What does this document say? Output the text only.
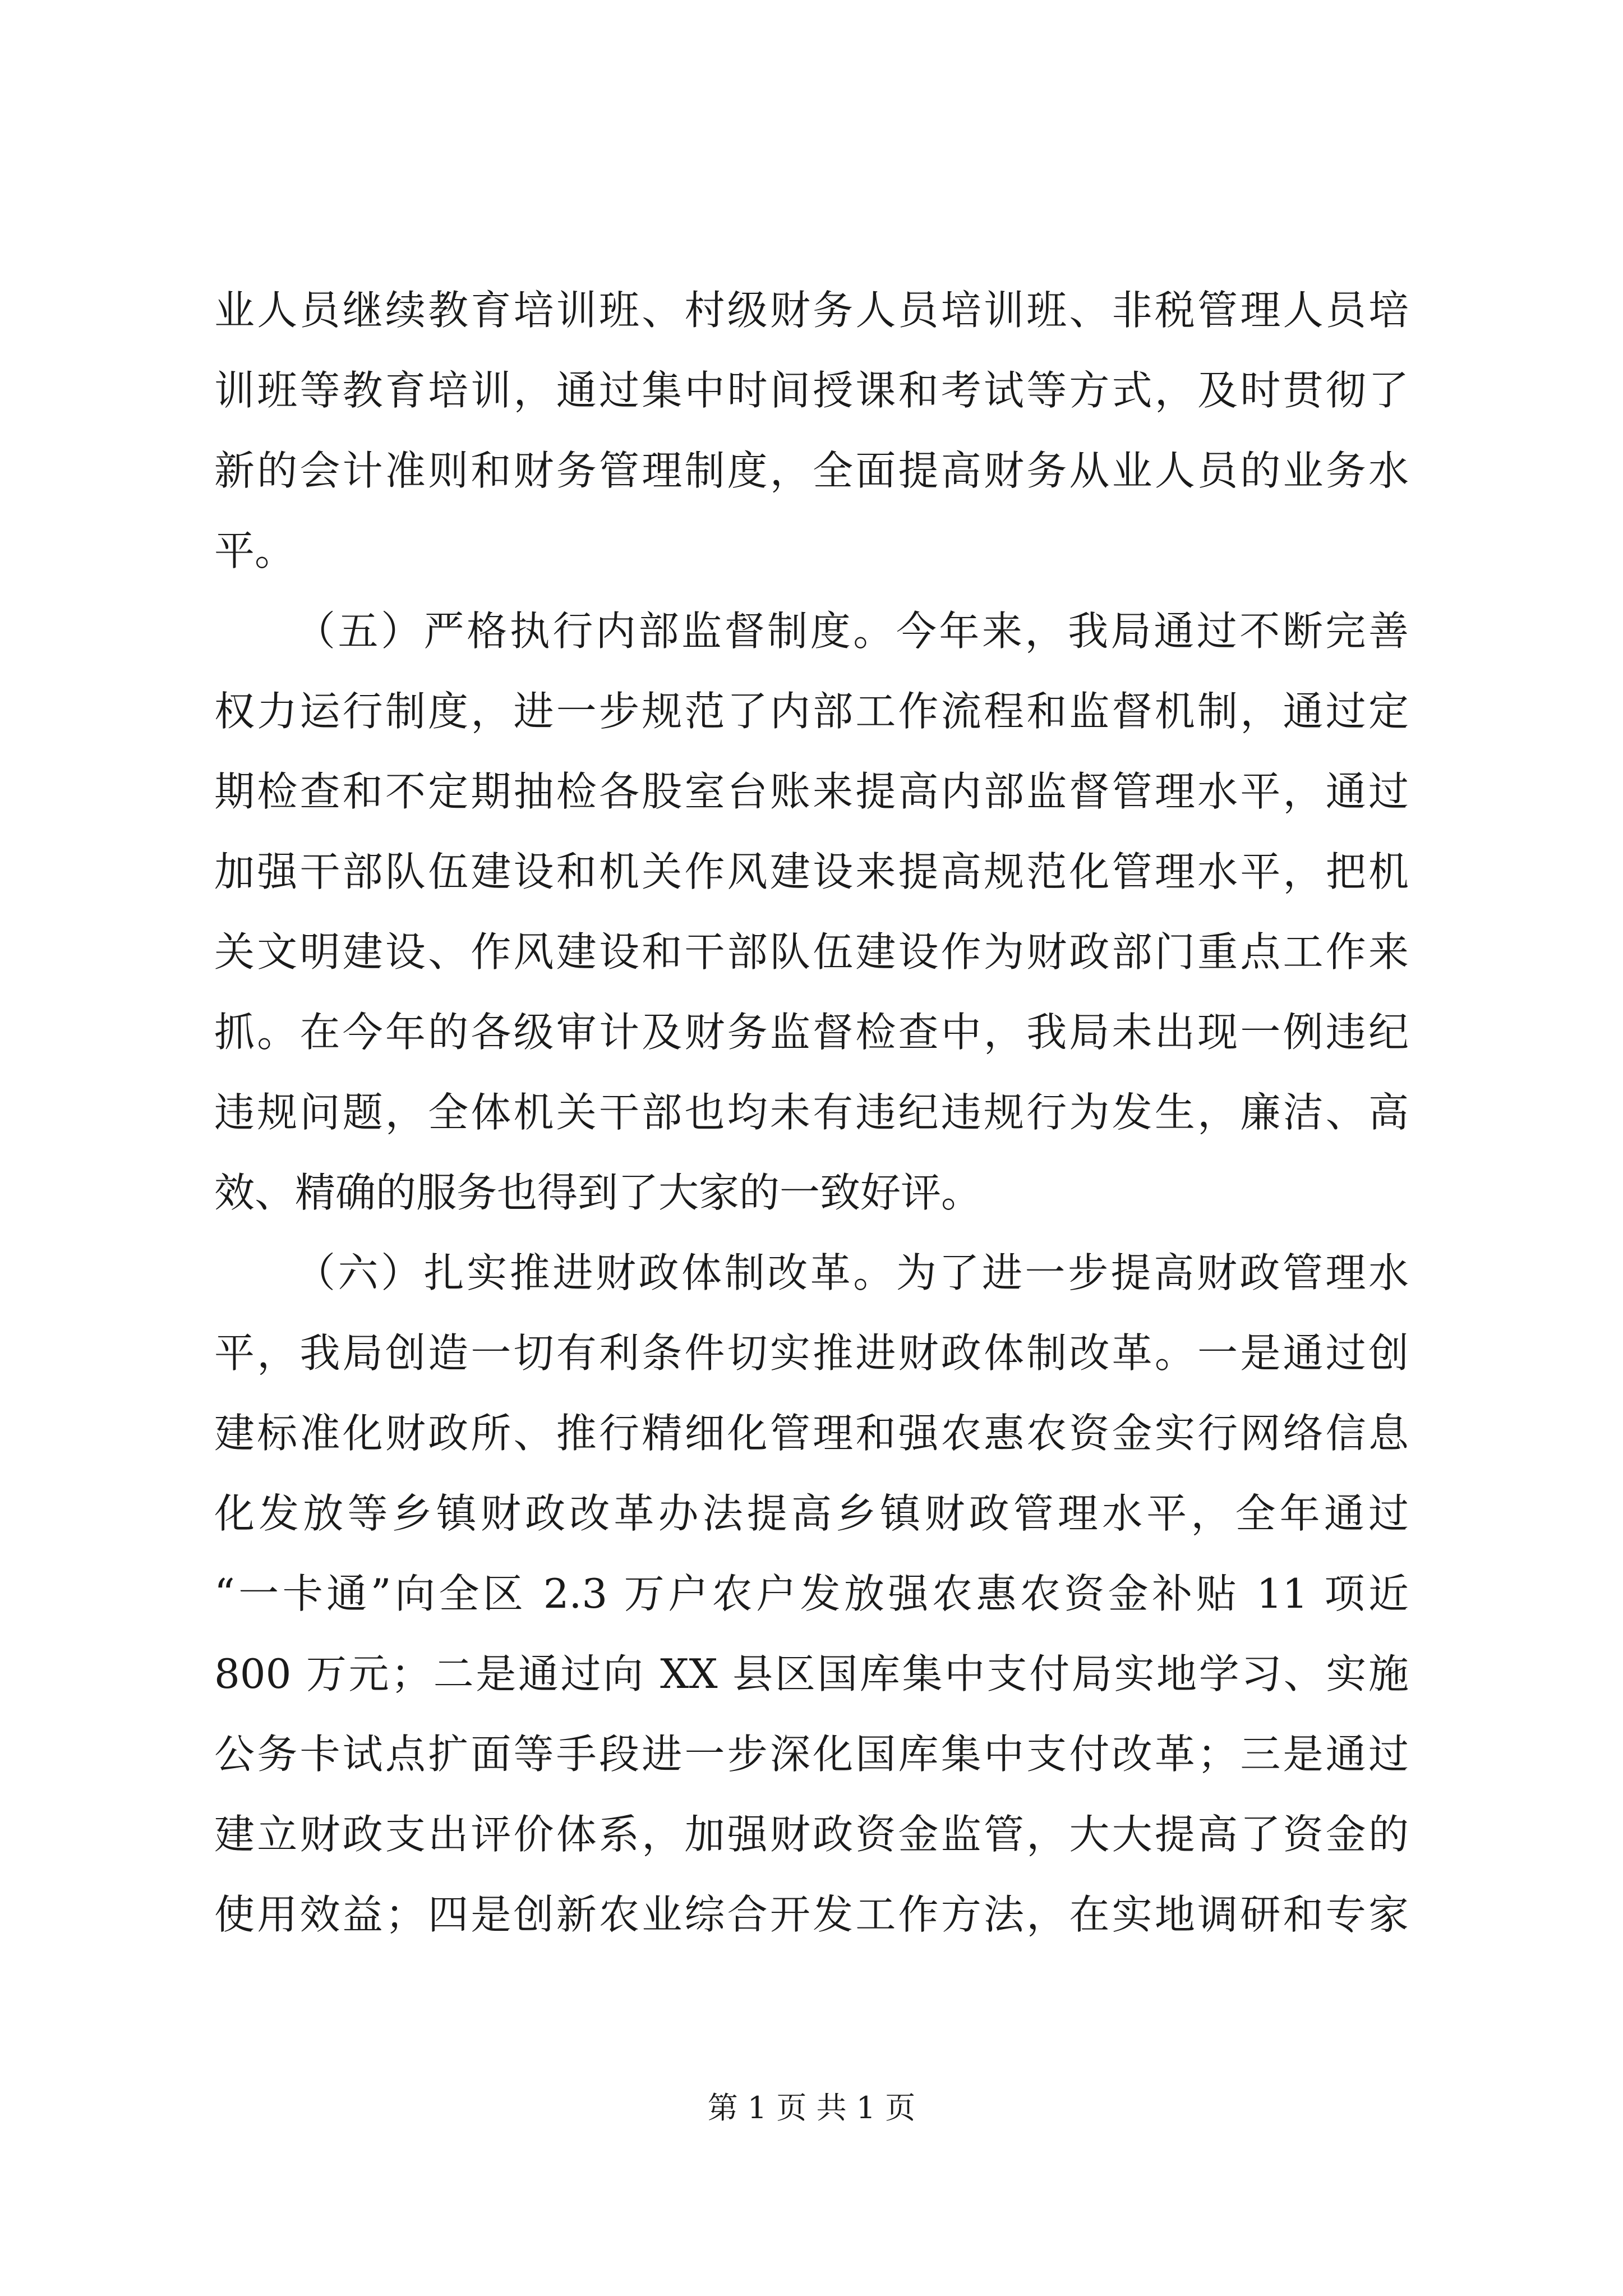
业人员继续教育培训班、村级财务人员培训班、非税管理人员培
训班等教育培训，通过集中时间授课和考试等方式，及时贯彻了
新的会计准则和财务管理制度，全面提高财务从业人员的业务水
平。
（五）严格执行内部监督制度。今年来，我局通过不断完善
权力运行制度，进一步规范了内部工作流程和监督机制，通过定
期检查和不定期抽检各股室台账来提高内部监督管理水平，通过
加强干部队伍建设和机关作风建设来提高规范化管理水平，把机
关文明建设、作风建设和干部队伍建设作为财政部门重点工作来
抓。在今年的各级审计及财务监督检查中，我局未出现一例违纪
违规问题，全体机关干部也均未有违纪违规行为发生，廉洁、高
效、精确的服务也得到了大家的一致好评。
（六）扎实推进财政体制改革。为了进一步提高财政管理水
平，我局创造一切有利条件切实推进财政体制改革。一是通过创
建标准化财政所、推行精细化管理和强农惠农资金实行网络信息
化发放等乡镇财政改革办法提高乡镇财政管理水平，全年通过
“一卡通”向全区 2.3 万户农户发放强农惠农资金补贴 11 项近
800 万元；二是通过向 XX 县区国库集中支付局实地学习、实施
公务卡试点扩面等手段进一步深化国库集中支付改革；三是通过
建立财政支出评价体系，加强财政资金监管，大大提高了资金的
使用效益；四是创新农业综合开发工作方法，在实地调研和专家
第 1 页 共 1 页
